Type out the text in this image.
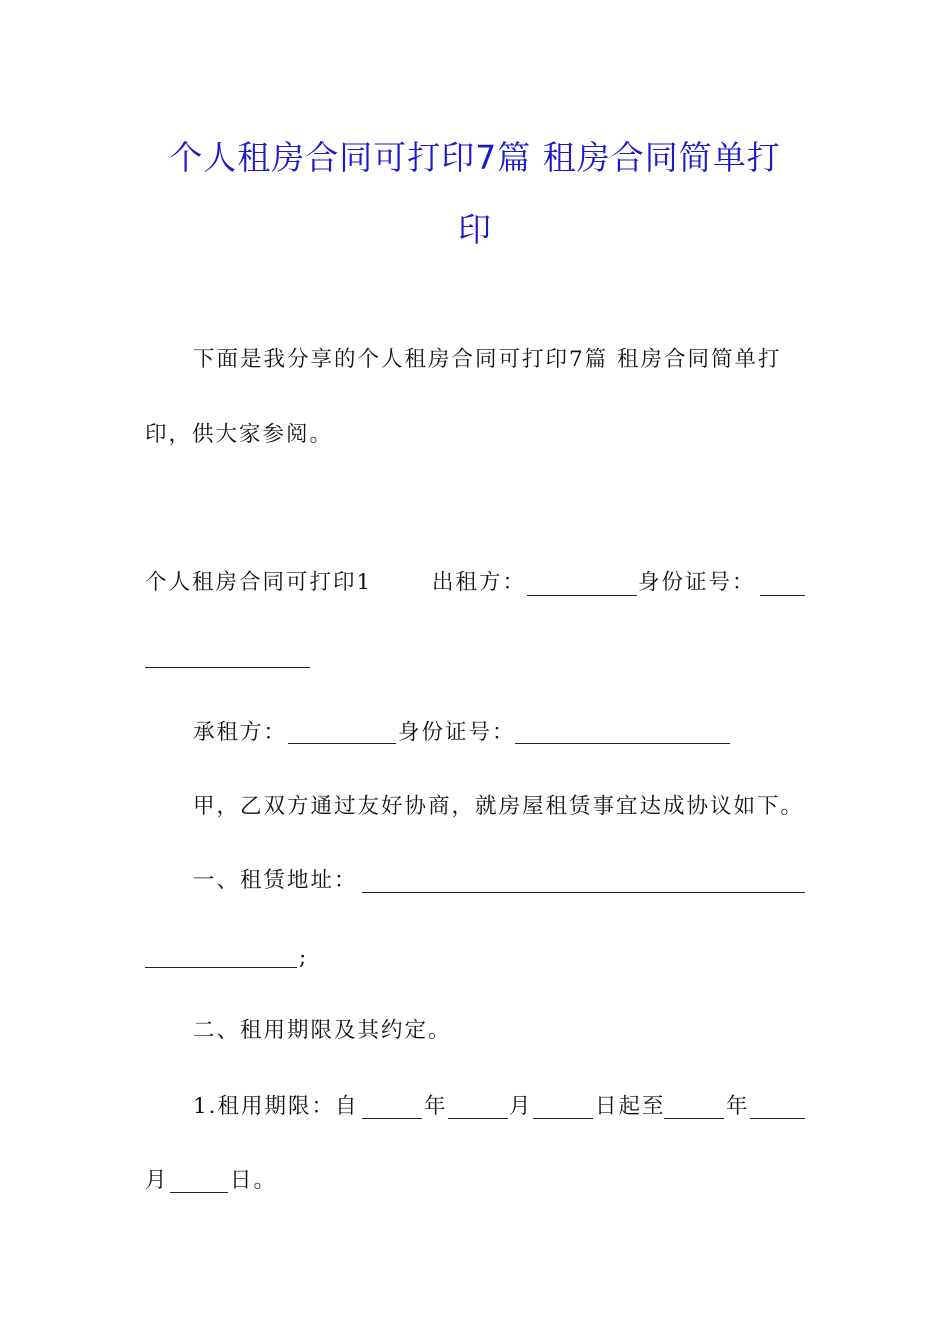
个人租房合同可打印7篇 租房合同简单打
印
下面是我分享的个人租房合同可打印7篇 租房合同简单打
印，供大家参阅。
个人租房合同可打印1	出租方：	身份证号：
承租方：	身份证号：
甲，乙双方通过友好协商，就房屋租赁事宜达成协议如下。
一、租赁地址：
;
二、租用期限及其约定。
1.租用期限：自	年	月	日起至	年
月	日。
